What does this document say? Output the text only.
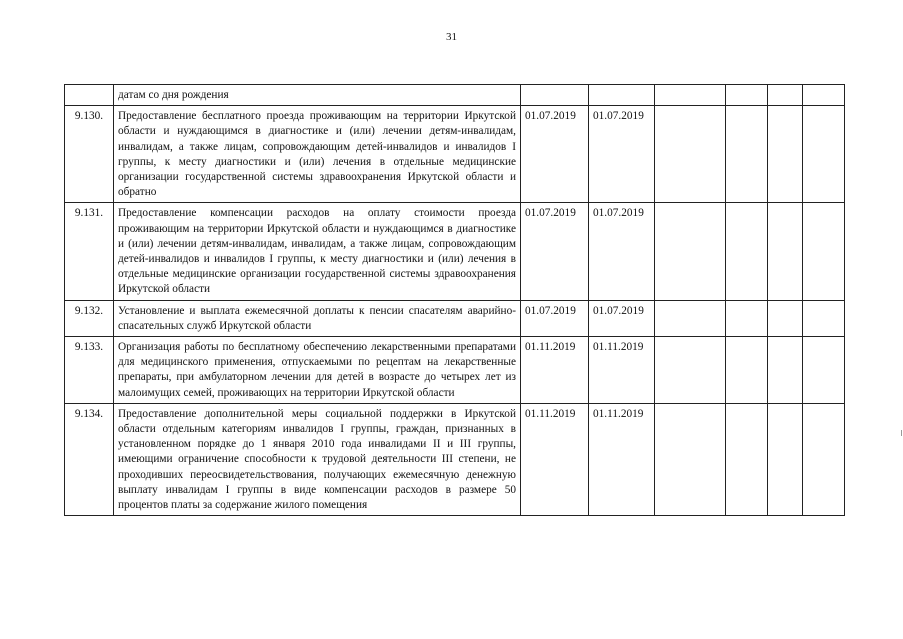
31
	датам со дня рождения						
9.130.	Предоставление бесплатного проезда проживающим на территории Иркутской области и нуждающимся в диагностике и (или) лечении детям-инвалидам, инвалидам, а также лицам, сопровождающим детей-инвалидов и инвалидов I группы, к месту диагностики и (или) лечения в отдельные медицинские организации государственной системы здравоохранения Иркутской области и обратно	01.07.2019	01.07.2019				
9.131.	Предоставление компенсации расходов на оплату стоимости проезда проживающим на территории Иркутской области и нуждающимся в диагностике и (или) лечении детям-инвалидам, инвалидам, а также лицам, сопровождающим детей-инвалидов и инвалидов I группы, к месту диагностики и (или) лечения в отдельные медицинские организации государственной системы здравоохранения Иркутской области	01.07.2019	01.07.2019				
9.132.	Установление и выплата ежемесячной доплаты к пенсии спасателям аварийно-спасательных служб Иркутской области	01.07.2019	01.07.2019				
9.133.	Организация работы по бесплатному обеспечению лекарственными препаратами для медицинского применения, отпускаемыми по рецептам на лекарственные препараты, при амбулаторном лечении для детей в возрасте до четырех лет из малоимущих семей, проживающих на территории Иркутской области	01.11.2019	01.11.2019				
9.134.	Предоставление дополнительной меры социальной поддержки в Иркутской области отдельным категориям инвалидов I группы, граждан, признанных в установленном порядке до 1 января 2010 года инвалидами II и III группы, имеющими ограничение способности к трудовой деятельности III степени, не проходивших переосвидетельствования, получающих ежемесячную денежную выплату инвалидам I группы в виде компенсации расходов в размере 50 процентов платы за содержание жилого помещения	01.11.2019	01.11.2019				
